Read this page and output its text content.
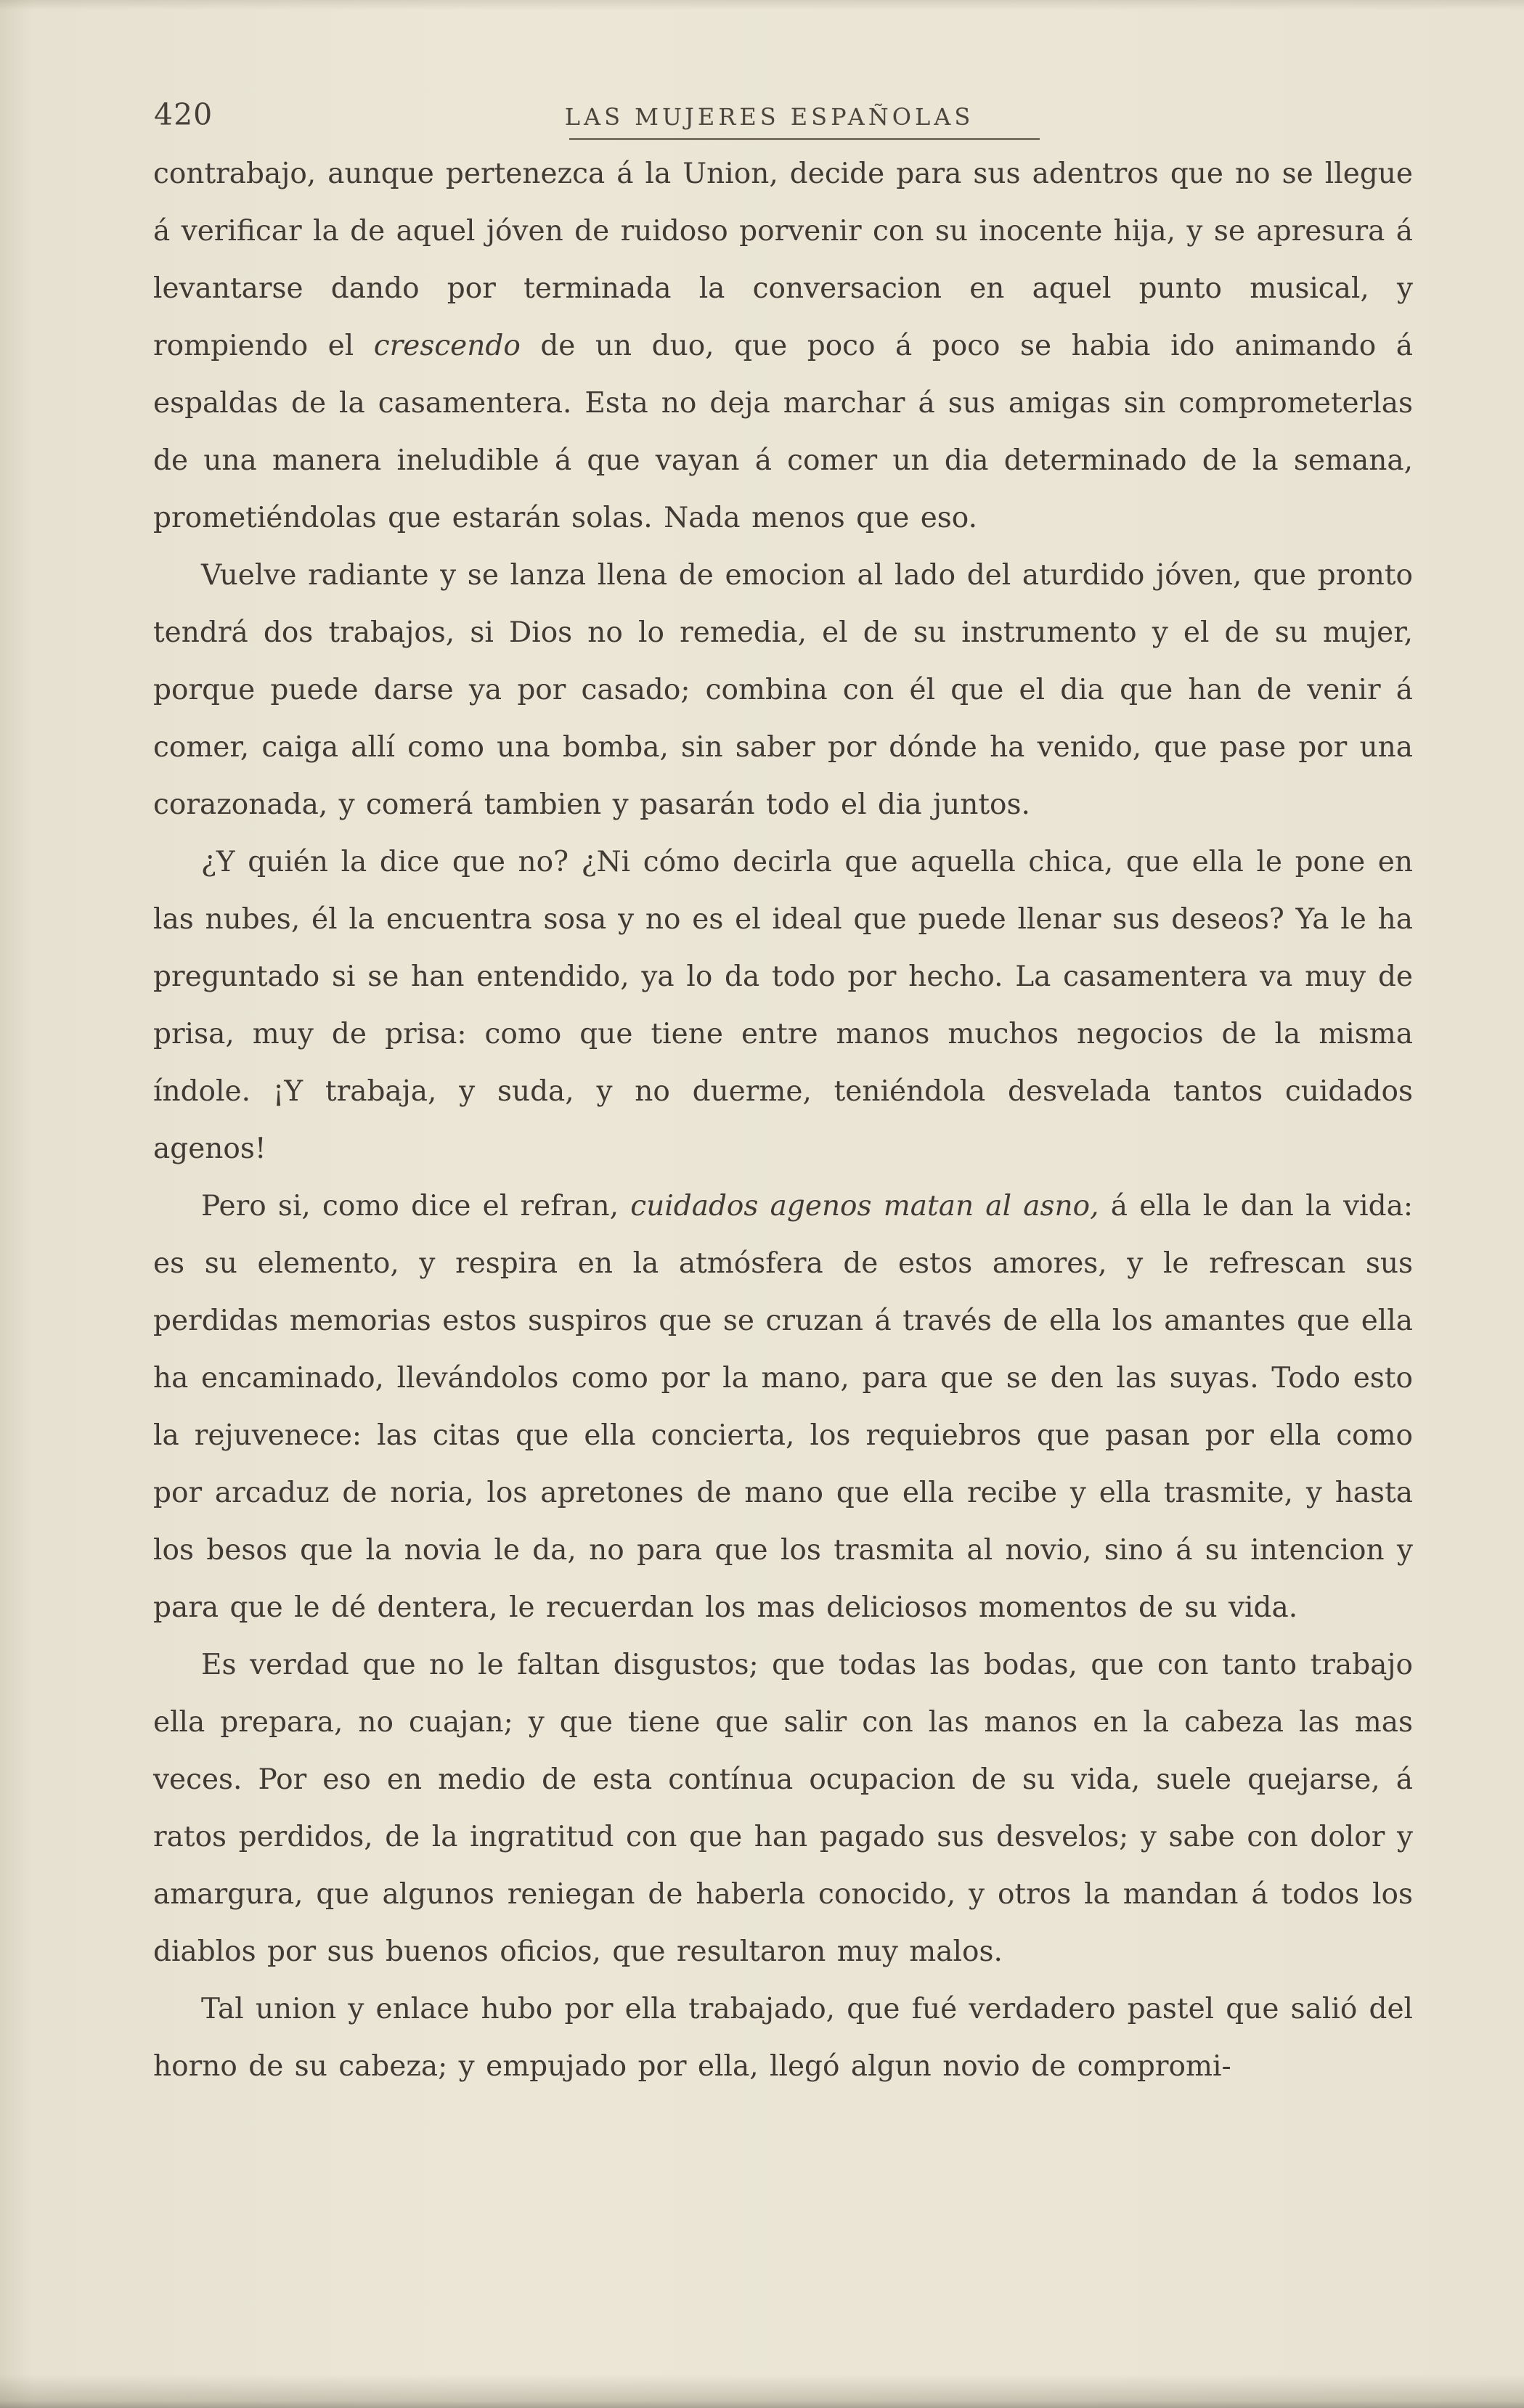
420	LAS MUJERES ESPAÑOLAS

contrabajo, aunque pertenezca á la Union, decide para sus adentros que no se llegue á verificar la de aquel jóven de ruidoso porvenir con su inocente hija, y se apresura á levantarse dando por terminada la conversacion en aquel punto musical, y rompiendo el crescendo de un duo, que poco á poco se habia ido animando á espaldas de la casamentera. Esta no deja marchar á sus amigas sin comprometerlas de una manera ineludible á que vayan á comer un dia determinado de la semana, prometiéndolas que estarán solas. Nada menos que eso.

Vuelve radiante y se lanza llena de emocion al lado del aturdido jóven, que pronto tendrá dos trabajos, si Dios no lo remedia, el de su instrumento y el de su mujer, porque puede darse ya por casado; combina con él que el dia que han de venir á comer, caiga allí como una bomba, sin saber por dónde ha venido, que pase por una corazonada, y comerá tambien y pasarán todo el dia juntos.

¿Y quién la dice que no? ¿Ni cómo decirla que aquella chica, que ella le pone en las nubes, él la encuentra sosa y no es el ideal que puede llenar sus deseos? Ya le ha preguntado si se han entendido, ya lo da todo por hecho. La casamentera va muy de prisa, muy de prisa: como que tiene entre manos muchos negocios de la misma índole. ¡Y trabaja, y suda, y no duerme, teniéndola desvelada tantos cuidados agenos!

Pero si, como dice el refran, cuidados agenos matan al asno, á ella le dan la vida: es su elemento, y respira en la atmósfera de estos amores, y le refrescan sus perdidas memorias estos suspiros que se cruzan á través de ella los amantes que ella ha encaminado, llevándolos como por la mano, para que se den las suyas. Todo esto la rejuvenece: las citas que ella concierta, los requiebros que pasan por ella como por arcaduz de noria, los apretones de mano que ella recibe y ella trasmite, y hasta los besos que la novia le da, no para que los trasmita al novio, sino á su intencion y para que le dé dentera, le recuerdan los mas deliciosos momentos de su vida.

Es verdad que no le faltan disgustos; que todas las bodas, que con tanto trabajo ella prepara, no cuajan; y que tiene que salir con las manos en la cabeza las mas veces. Por eso en medio de esta contínua ocupacion de su vida, suele quejarse, á ratos perdidos, de la ingratitud con que han pagado sus desvelos; y sabe con dolor y amargura, que algunos reniegan de haberla conocido, y otros la mandan á todos los diablos por sus buenos oficios, que resultaron muy malos.

Tal union y enlace hubo por ella trabajado, que fué verdadero pastel que salió del horno de su cabeza; y empujado por ella, llegó algun novio de compromi-
